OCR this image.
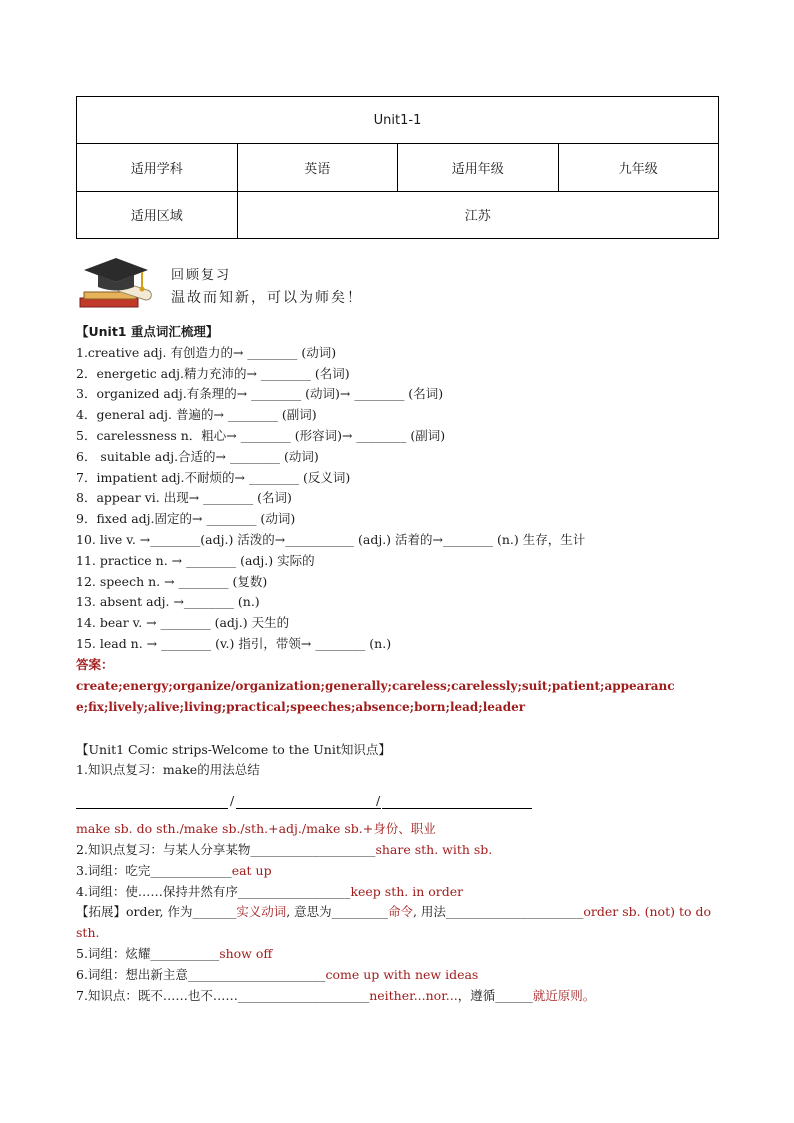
Unit1-1			
适用学科	英语	适用年级	九年级
适用区域	江苏		
回顾复习
温故而知新，可以为师矣！
【Unit1 重点词汇梳理】
1.creative adj. 有创造力的→ ________ (动词)
2．energetic adj.精力充沛的→ ________ (名词)
3．organized adj.有条理的→ ________ (动词)→ ________ (名词)
4．general adj. 普遍的→ ________ (副词)
5．carelessness n．粗心→ ________ (形容词)→ ________ (副词)
6． suitable adj.合适的→ ________ (动词)
7．impatient adj.不耐烦的→ ________ (反义词)
8．appear vi. 出现→ ________ (名词)
9．fixed adj.固定的→ ________ (动词)
10. live v. →________(adj.) 活泼的→___________ (adj.) 活着的→________ (n.) 生存，生计
11. practice n. → ________ (adj.) 实际的
12. speech n. → ________ (复数)
13. absent adj. →________ (n.)
14. bear v. → ________ (adj.) 天生的
15. lead n. → ________ (v.) 指引，带领→ ________ (n.)
答案：
create;energy;organize/organization;generally;careless;carelessly;suit;patient;appearance;fix;lively;alive;living;practical;speeches;absence;born;lead;leader
【Unit1 Comic strips-Welcome to the Unit知识点】
1.知识点复习：make的用法总结
/	/
make sb. do sth./make sb./sth.+adj./make sb.+身份、职业
2.知识点复习：与某人分享某物____________________share sth. with sb.
3.词组：吃完_____________eat up
4.词组：使……保持井然有序__________________keep sth. in order
【拓展】order, 作为_______实义动词, 意思为_________命令, 用法______________________order sb. (not) to do sth.
5.词组：炫耀___________show off
6.词组：想出新主意______________________come up with new ideas
7.知识点：既不……也不……_____________________neither...nor...，遵循______就近原则。
